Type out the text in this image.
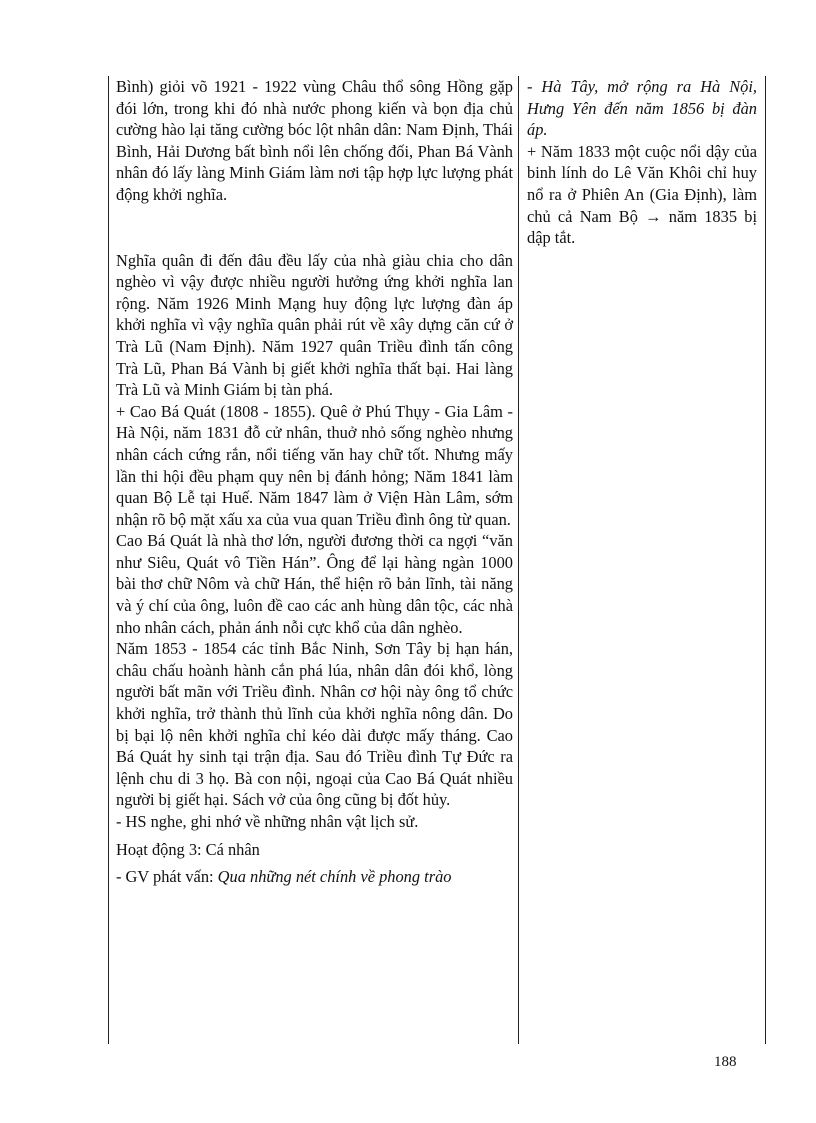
Bình) giỏi võ 1921 - 1922 vùng Châu thổ sông Hồng gặp đói lớn, trong khi đó nhà nước phong kiến và bọn địa chủ cường hào lại tăng cường bóc lột nhân dân: Nam Định, Thái Bình, Hải Dương bất bình nổi lên chống đối, Phan Bá Vành nhân đó lấy làng Minh Giám làm nơi tập hợp lực lượng phát động khởi nghĩa.

Nghĩa quân đi đến đâu đều lấy của nhà giàu chia cho dân nghèo vì vậy được nhiều người hưởng ứng khởi nghĩa lan rộng. Năm 1926 Minh Mạng huy động lực lượng đàn áp khởi nghĩa vì vậy nghĩa quân phải rút về xây dựng căn cứ ở Trà Lũ (Nam Định). Năm 1927 quân Triều đình tấn công Trà Lũ, Phan Bá Vành bị giết khởi nghĩa thất bại. Hai làng Trà Lũ và Minh Giám bị tàn phá.

+ Cao Bá Quát (1808 - 1855). Quê ở Phú Thụy - Gia Lâm - Hà Nội, năm 1831 đỗ cử nhân, thuở nhỏ sống nghèo nhưng nhân cách cứng rắn, nổi tiếng văn hay chữ tốt. Nhưng mấy lần thi hội đều phạm quy nên bị đánh hỏng; Năm 1841 làm quan Bộ Lễ tại Huế. Năm 1847 làm ở Viện Hàn Lâm, sớm nhận rõ bộ mặt xấu xa của vua quan Triều đình ông từ quan.

Cao Bá Quát là nhà thơ lớn, người đương thời ca ngợi “văn như Siêu, Quát vô Tiền Hán”. Ông để lại hàng ngàn 1000 bài thơ chữ Nôm và chữ Hán, thể hiện rõ bản lĩnh, tài năng và ý chí của ông, luôn đề cao các anh hùng dân tộc, các nhà nho nhân cách, phản ánh nỗi cực khổ của dân nghèo.

Năm 1853 - 1854 các tỉnh Bắc Ninh, Sơn Tây bị hạn hán, châu chấu hoành hành cắn phá lúa, nhân dân đói khổ, lòng người bất mãn với Triều đình. Nhân cơ hội này ông tổ chức khởi nghĩa, trở thành thủ lĩnh của khởi nghĩa nông dân. Do bị bại lộ nên khởi nghĩa chỉ kéo dài được mấy tháng. Cao Bá Quát hy sinh tại trận địa. Sau đó Triều đình Tự Đức ra lệnh chu di 3 họ. Bà con nội, ngoại của Cao Bá Quát nhiều người bị giết hại. Sách vở của ông cũng bị đốt hủy.

- HS nghe, ghi nhớ về những nhân vật lịch sử.

Hoạt động 3: Cá nhân

- GV phát vấn: Qua những nét chính về phong trào

- Hà Tây, mở rộng ra Hà Nội, Hưng Yên đến năm 1856 bị đàn áp.

+ Năm 1833 một cuộc nổi dậy của binh lính do Lê Văn Khôi chỉ huy nổ ra ở Phiên An (Gia Định), làm chủ cả Nam Bộ → năm 1835 bị dập tắt.

188
